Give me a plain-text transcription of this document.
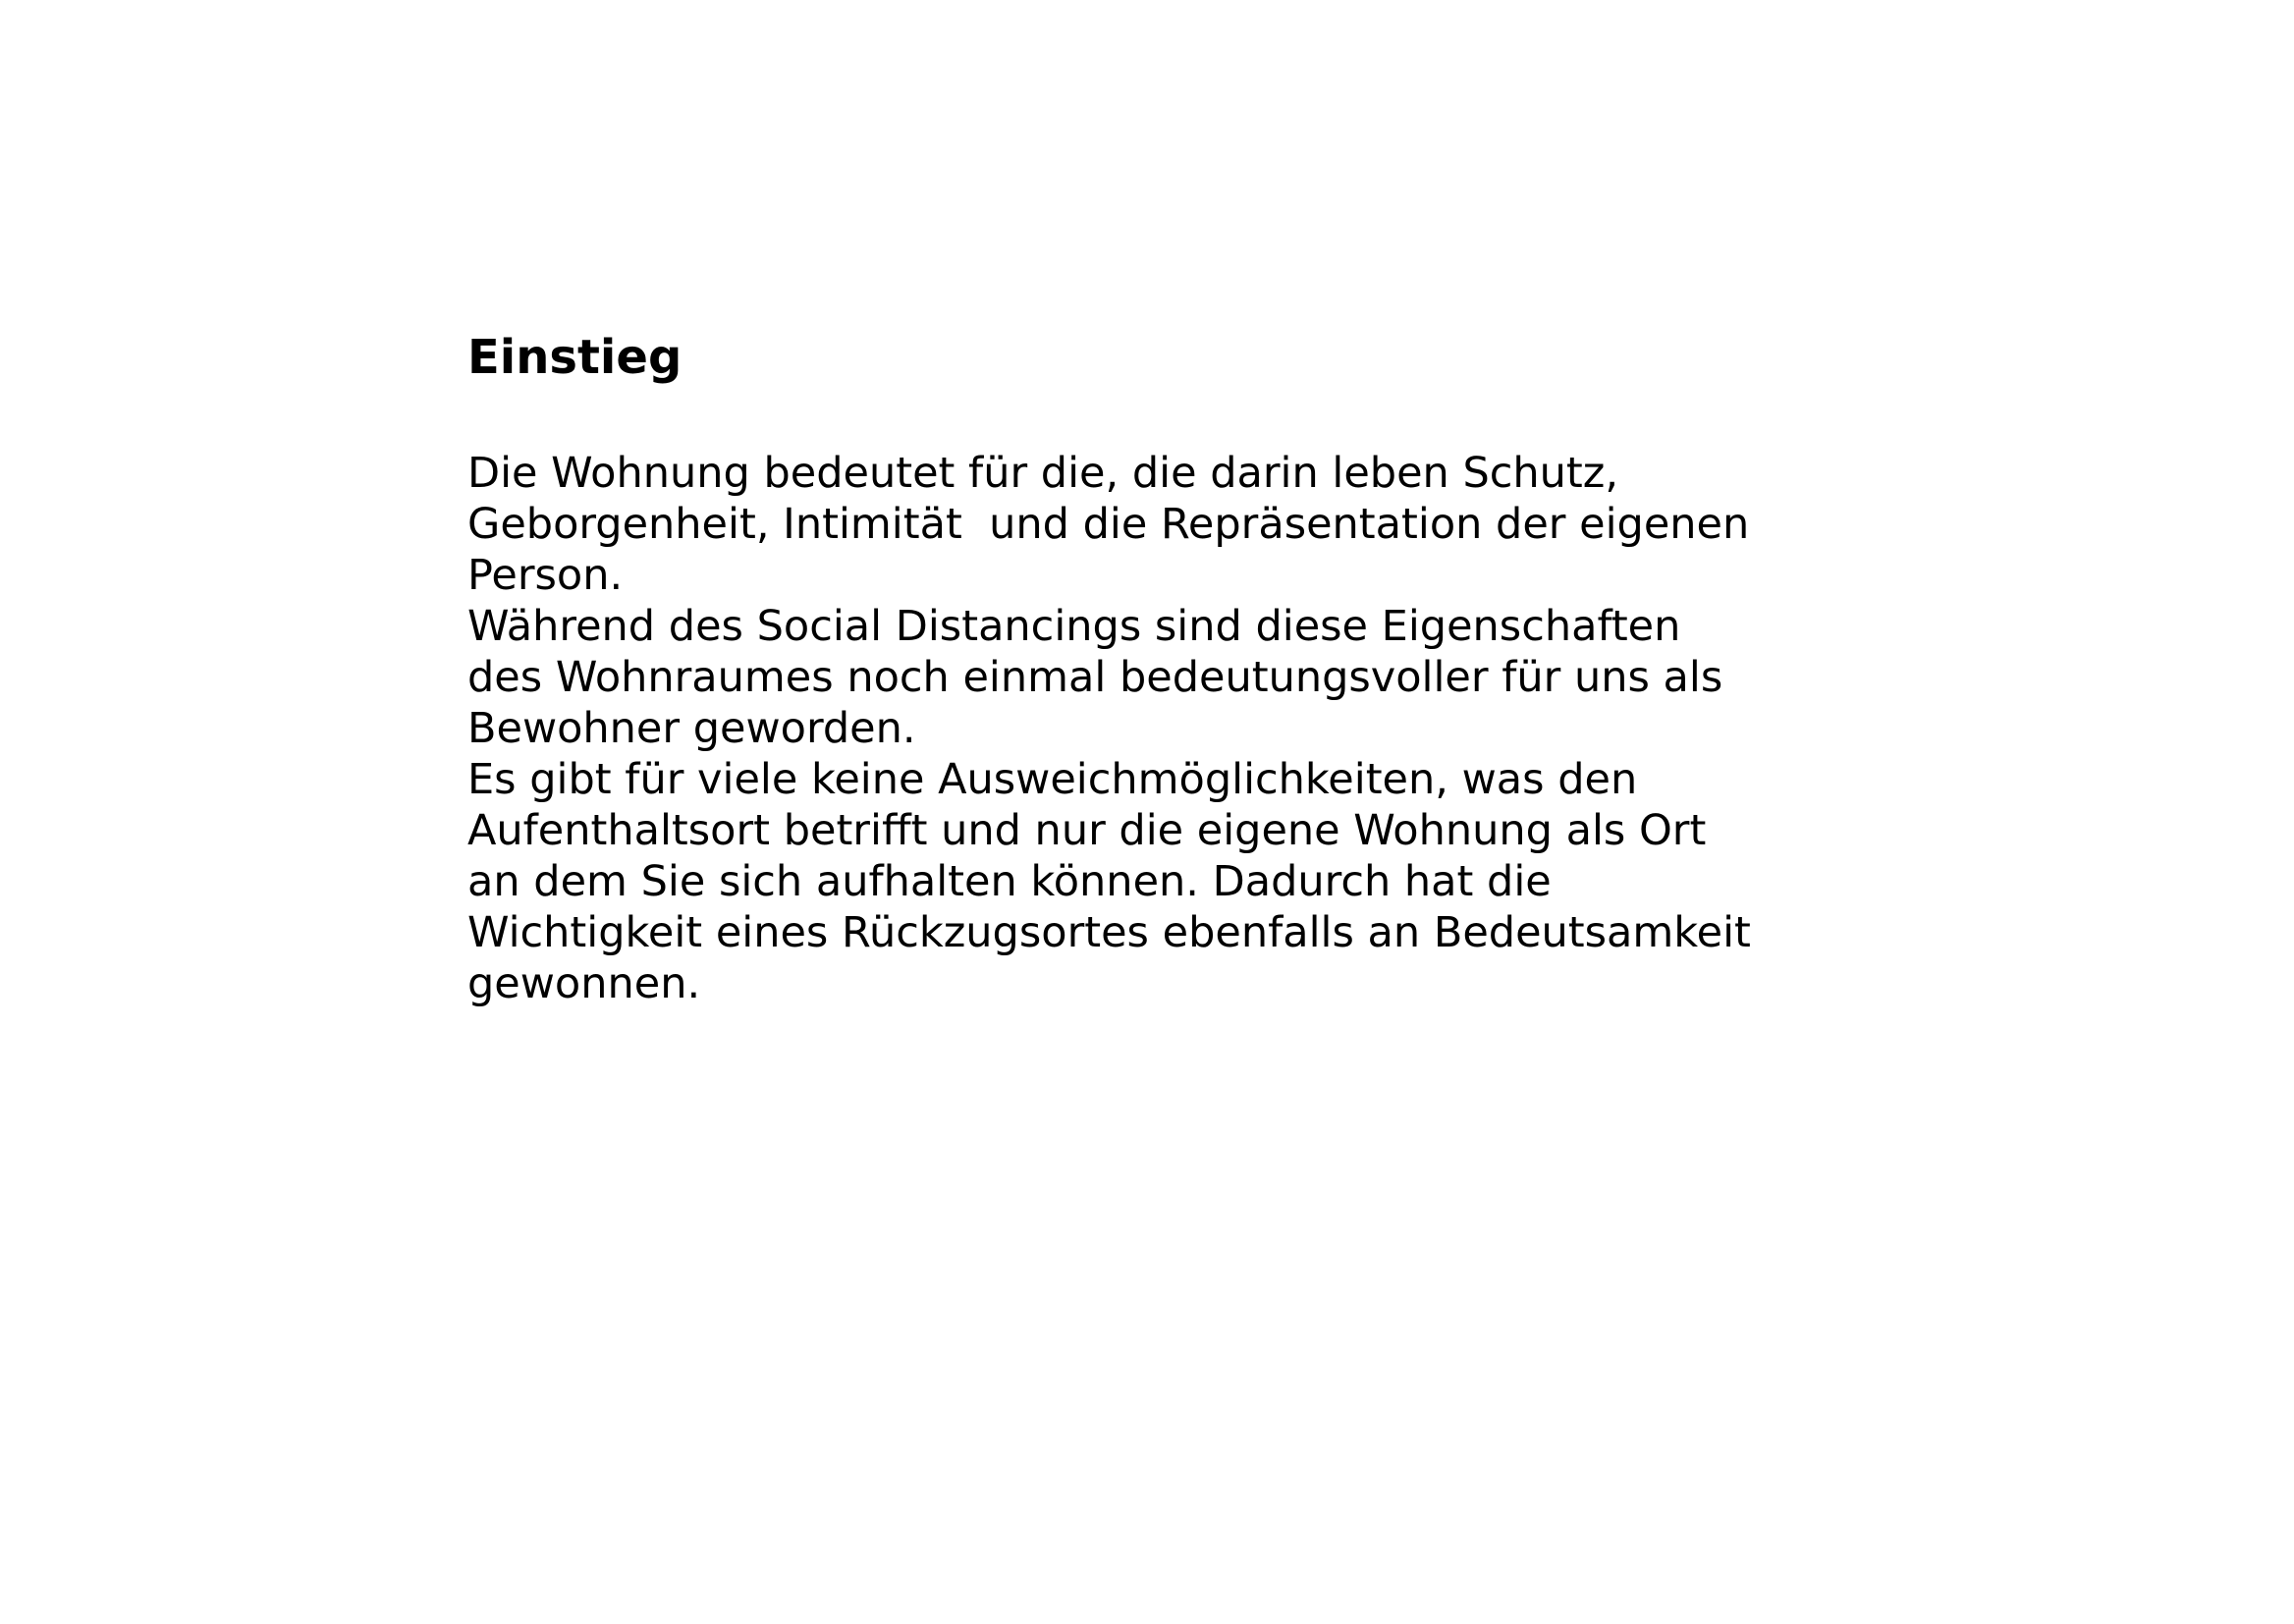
Einstieg
Die Wohnung bedeutet für die, die darin leben Schutz,
Geborgenheit, Intimität  und die Repräsentation der eigenen
Person.
Während des Social Distancings sind diese Eigenschaften
des Wohnraumes noch einmal bedeutungsvoller für uns als
Bewohner geworden.
Es gibt für viele keine Ausweichmöglichkeiten, was den
Aufenthaltsort betrifft und nur die eigene Wohnung als Ort
an dem Sie sich aufhalten können. Dadurch hat die
Wichtigkeit eines Rückzugsortes ebenfalls an Bedeutsamkeit
gewonnen.
